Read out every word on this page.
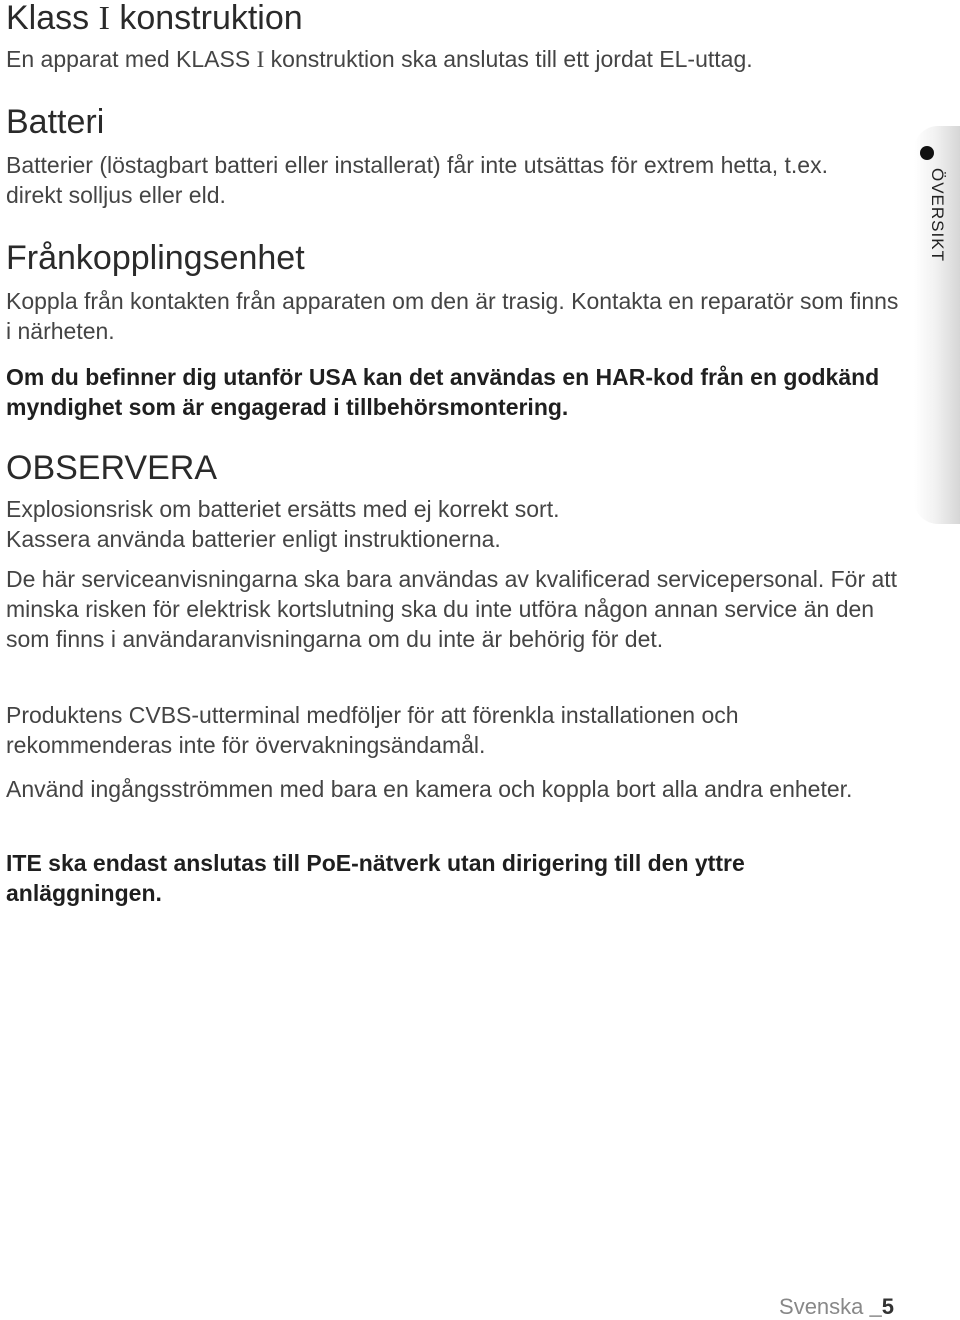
Klass I konstruktion

En apparat med KLASS I konstruktion ska anslutas till ett jordat EL-uttag.

Batteri

Batterier (löstagbart batteri eller installerat) får inte utsättas för extrem hetta, t.ex. direkt solljus eller eld.

Frånkopplingsenhet

Koppla från kontakten från apparaten om den är trasig. Kontakta en reparatör som finns i närheten.

Om du befinner dig utanför USA kan det användas en HAR-kod från en godkänd myndighet som är engagerad i tillbehörsmontering.

OBSERVERA

Explosionsrisk om batteriet ersätts med ej korrekt sort.

Kassera använda batterier enligt instruktionerna.

De här serviceanvisningarna ska bara användas av kvalificerad servicepersonal. För att minska risken för elektrisk kortslutning ska du inte utföra någon annan service än den som finns i användaranvisningarna om du inte är behörig för det.

Produktens CVBS-utterminal medföljer för att förenkla installationen och rekommenderas inte för övervakningsändamål.

Använd ingångsströmmen med bara en kamera och koppla bort alla andra enheter.

ITE ska endast anslutas till PoE-nätverk utan dirigering till den yttre anläggningen.

ÖVERSIKT
Svenska _5
